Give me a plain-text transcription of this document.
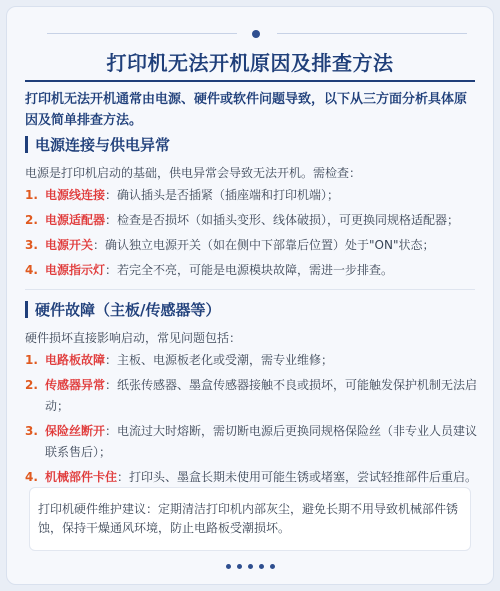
打印机无法开机原因及排查方法
打印机无法开机通常由电源、硬件或软件问题导致，以下从三方面分析具体原因及简单排查方法。
电源连接与供电异常
电源是打印机启动的基础，供电异常会导致无法开机。需检查：
1. 电源线连接：确认插头是否插紧（插座端和打印机端）；
2. 电源适配器：检查是否损坏（如插头变形、线体破损），可更换同规格适配器；
3. 电源开关：确认独立电源开关（如在侧中下部靠后位置）处于"ON"状态；
4. 电源指示灯：若完全不亮，可能是电源模块故障，需进一步排查。
硬件故障（主板/传感器等）
硬件损坏直接影响启动，常见问题包括：
1. 电路板故障：主板、电源板老化或受潮，需专业维修；
2. 传感器异常：纸张传感器、墨盒传感器接触不良或损坏，可能触发保护机制无法启动；
3. 保险丝断开：电流过大时熔断，需切断电源后更换同规格保险丝（非专业人员建议联系售后）；
4. 机械部件卡住：打印头、墨盒长期未使用可能生锈或堵塞，尝试轻推部件后重启。
打印机硬件维护建议：定期清洁打印机内部灰尘，避免长期不用导致机械部件锈蚀，保持干燥通风环境，防止电路板受潮损坏。
